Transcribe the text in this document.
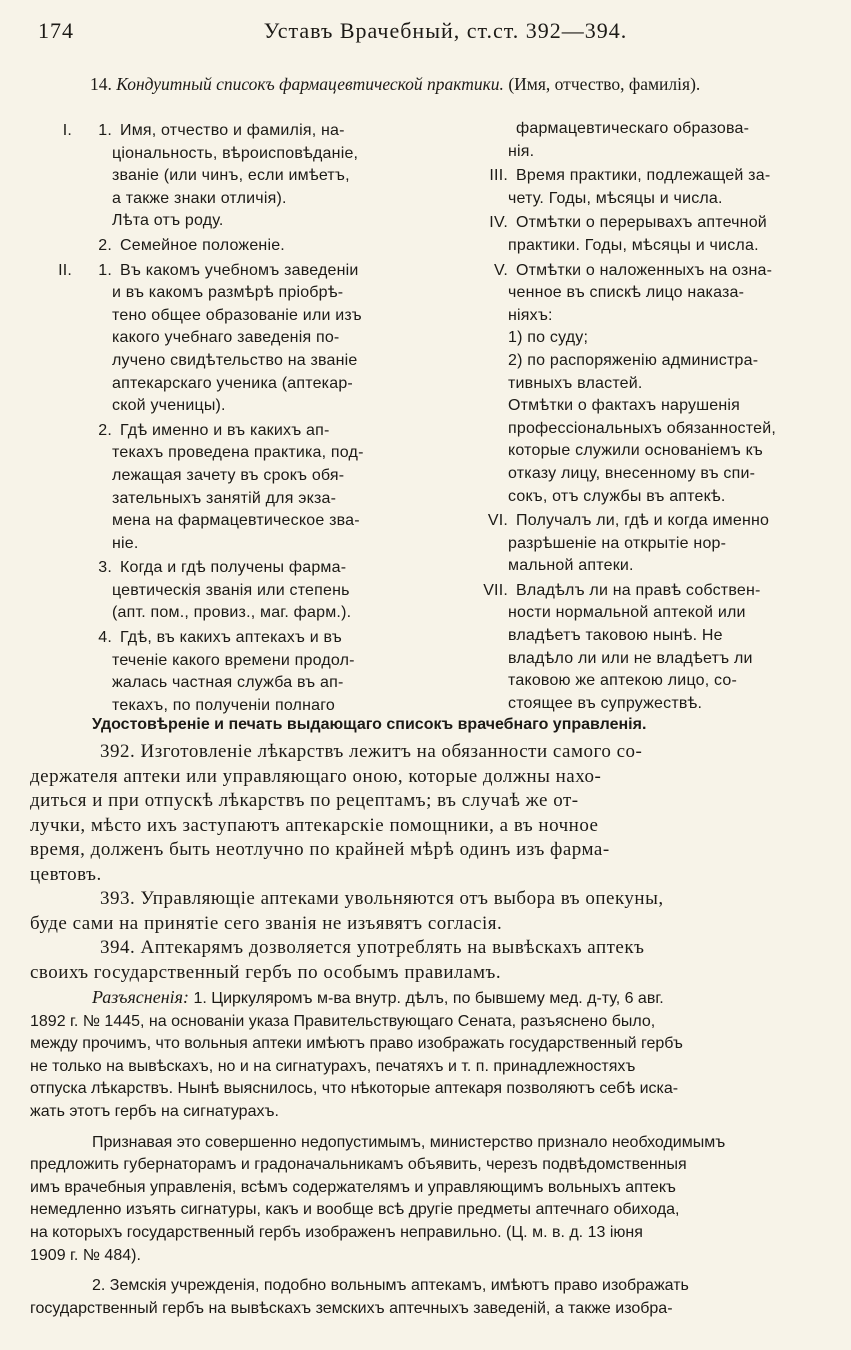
174	Уставъ Врачебный, ст.ст. 392—394.
14. Кондуитный списокъ фармацевтической практики. (Имя, отчество, фамилія).
I.	1. Имя, отчество и фамилія, на-
ціональность, вѣроисповѣданіе,
званіе (или чинъ, если имѣетъ,
а также знаки отличія).
Лѣта отъ роду.
2. Семейное положеніе.
II.	1. Въ какомъ учебномъ заведеніи
и въ какомъ размѣрѣ пріобрѣ-
тено общее образованіе или изъ
какого учебнаго заведенія по-
лучено свидѣтельство на званіе
аптекарскаго ученика (аптекар-
ской ученицы).
2. Гдѣ именно и въ какихъ ап-
текахъ проведена практика, под-
лежащая зачету въ срокъ обя-
зательныхъ занятій для экза-
мена на фармацевтическое зва-
ніе.
3. Когда и гдѣ получены фарма-
цевтическія званія или степень
(апт. пом., провиз., маг. фарм.).
4. Гдѣ, въ какихъ аптекахъ и въ
теченіе какого времени продол-
жалась частная служба въ ап-
текахъ, по полученіи полнаго
фармацевтическаго образова-
нія.
III. Время практики, подлежащей за-
чету. Годы, мѣсяцы и числа.
IV. Отмѣтки о перерывахъ аптечной
практики. Годы, мѣсяцы и числа.
V. Отмѣтки о наложенныхъ на озна-
ченное въ спискѣ лицо наказа-
ніяхъ:
1) по суду;
2) по распоряженію администра-
тивныхъ властей.
Отмѣтки о фактахъ нарушенія
профессіональныхъ обязанностей,
которые служили основаніемъ къ
отказу лицу, внесенному въ спи-
сокъ, отъ службы въ аптекѣ.
VI. Получалъ ли, гдѣ и когда именно
разрѣшеніе на открытіе нор-
мальной аптеки.
VII. Владѣлъ ли на правѣ собствен-
ности нормальной аптекой или
владѣетъ таковою нынѣ. Не
владѣло ли или не владѣетъ ли
таковою же аптекою лицо, со-
стоящее въ супружествѣ.
Удостовѣреніе и печать выдающаго списокъ врачебнаго управленія.
392. Изготовленіе лѣкарствъ лежитъ на обязанности самого со-
держателя аптеки или управляющаго оною, которые должны нахо-
диться и при отпускѣ лѣкарствъ по рецептамъ; въ случаѣ же от-
лучки, мѣсто ихъ заступаютъ аптекарскіе помощники, а въ ночное
время, долженъ быть неотлучно по крайней мѣрѣ одинъ изъ фарма-
цевтовъ.
393. Управляющіе аптеками увольняются отъ выбора въ опекуны,
буде сами на принятіе сего званія не изъявятъ согласія.
394. Аптекарямъ дозволяется употреблять на вывѣскахъ аптекъ
своихъ государственный гербъ по особымъ правиламъ.
Разъясненія: 1. Циркуляромъ м-ва внутр. дѣлъ, по бывшему мед. д-ту, 6 авг.
1892 г. № 1445, на основаніи указа Правительствующаго Сената, разъяснено было,
между прочимъ, что вольныя аптеки имѣютъ право изображать государственный гербъ
не только на вывѣскахъ, но и на сигнатурахъ, печатяхъ и т. п. принадлежностяхъ
отпуска лѣкарствъ. Нынѣ выяснилось, что нѣкоторые аптекаря позволяютъ себѣ иска-
жать этотъ гербъ на сигнатурахъ.
Признавая это совершенно недопустимымъ, министерство признало необходимымъ
предложить губернаторамъ и градоначальникамъ объявить, черезъ подвѣдомственныя
имъ врачебныя управленія, всѣмъ содержателямъ и управляющимъ вольныхъ аптекъ
немедленно изъять сигнатуры, какъ и вообще всѣ другіе предметы аптечнаго обихода,
на которыхъ государственный гербъ изображенъ неправильно. (Ц. м. в. д. 13 іюня
1909 г. № 484).
2. Земскія учрежденія, подобно вольнымъ аптекамъ, имѣютъ право изображать
государственный гербъ на вывѣскахъ земскихъ аптечныхъ заведеній, а также изобра-
